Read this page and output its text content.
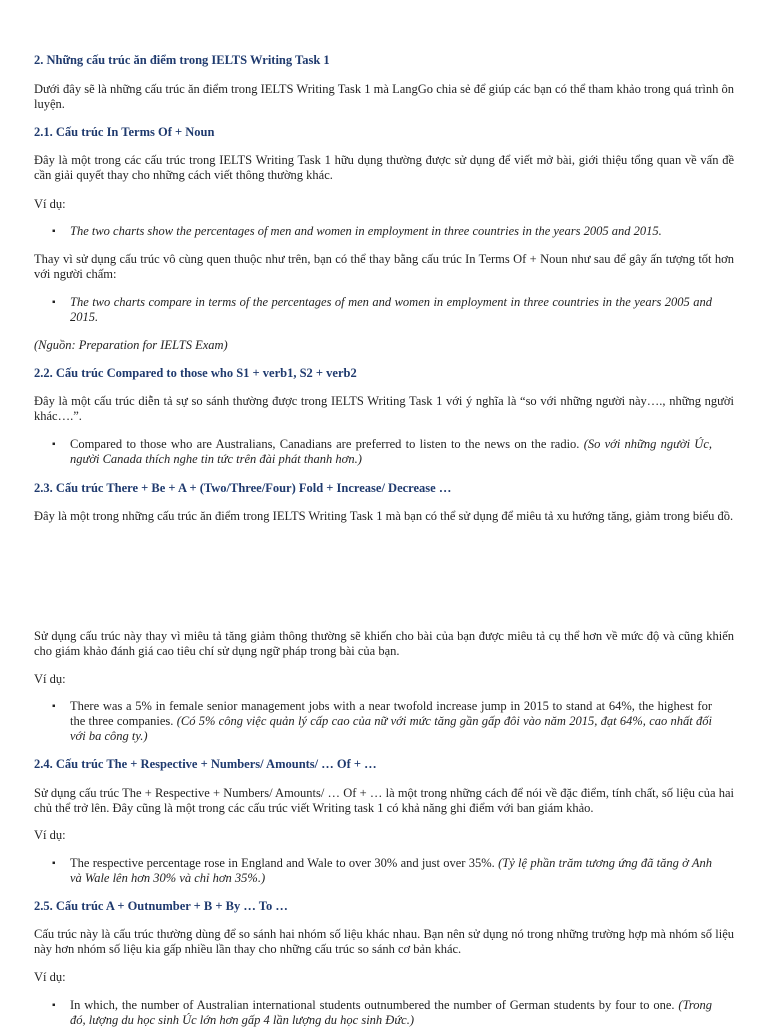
2. Những cấu trúc ăn điểm trong IELTS Writing Task 1

Dưới đây sẽ là những cấu trúc ăn điểm trong IELTS Writing Task 1 mà LangGo chia sẻ để giúp các bạn có thể tham khảo trong quá trình ôn luyện.

2.1. Cấu trúc In Terms Of + Noun

Đây là một trong các cấu trúc trong IELTS Writing Task 1 hữu dụng thường được sử dụng để viết mở bài, giới thiệu tổng quan về vấn đề cần giải quyết thay cho những cách viết thông thường khác.

Ví dụ:

▪ The two charts show the percentages of men and women in employment in three countries in the years 2005 and 2015.

Thay vì sử dụng cấu trúc vô cùng quen thuộc như trên, bạn có thể thay bằng cấu trúc In Terms Of + Noun như sau để gây ấn tượng tốt hơn với người chấm:

▪ The two charts compare in terms of the percentages of men and women in employment in three countries in the years 2005 and 2015.

(Nguồn: Preparation for IELTS Exam)

2.2. Cấu trúc Compared to those who S1 + verb1, S2 + verb2

Đây là một cấu trúc diễn tả sự so sánh thường được trong IELTS Writing Task 1 với ý nghĩa là “so với những người này…., những người khác….”.

▪ Compared to those who are Australians, Canadians are preferred to listen to the news on the radio. (So với những người Úc, người Canada thích nghe tin tức trên đài phát thanh hơn.)
2.3. Cấu trúc There + Be + A + (Two/Three/Four) Fold + Increase/ Decrease …

Đây là một trong những cấu trúc ăn điểm trong IELTS Writing Task 1 mà bạn có thể sử dụng để miêu tả xu hướng tăng, giảm trong biểu đồ.

Sử dụng cấu trúc này thay vì miêu tả tăng giảm thông thường sẽ khiến cho bài của bạn được miêu tả cụ thể hơn về mức độ và cũng khiến cho giám khảo đánh giá cao tiêu chí sử dụng ngữ pháp trong bài của bạn.

Ví dụ:

▪ There was a 5% in female senior management jobs with a near twofold increase jump in 2015 to stand at 64%, the highest for the three companies. (Có 5% công việc quản lý cấp cao của nữ với mức tăng gần gấp đôi vào năm 2015, đạt 64%, cao nhất đối với ba công ty.)
2.4. Cấu trúc The + Respective + Numbers/ Amounts/ … Of + …

Sử dụng cấu trúc The + Respective + Numbers/ Amounts/ … Of + … là một trong những cách để nói về đặc điểm, tính chất, số liệu của hai chủ thể trở lên. Đây cũng là một trong các cấu trúc viết Writing task 1 có khả năng ghi điểm với ban giám khảo.

Ví dụ:

▪ The respective percentage rose in England and Wale to over 30% and just over 35%. (Tỷ lệ phần trăm tương ứng đã tăng ở Anh và Wale lên hơn 30% và chỉ hơn 35%.)
2.5. Cấu trúc A + Outnumber + B + By … To …

Cấu trúc này là cấu trúc thường dùng để so sánh hai nhóm số liệu khác nhau. Bạn nên sử dụng nó trong những trường hợp mà nhóm số liệu này hơn nhóm số liệu kia gấp nhiều lần thay cho những cấu trúc so sánh cơ bản khác.

Ví dụ:

▪ In which, the number of Australian international students outnumbered the number of German students by four to one. (Trong đó, lượng du học sinh Úc lớn hơn gấp 4 lần lượng du học sinh Đức.)
